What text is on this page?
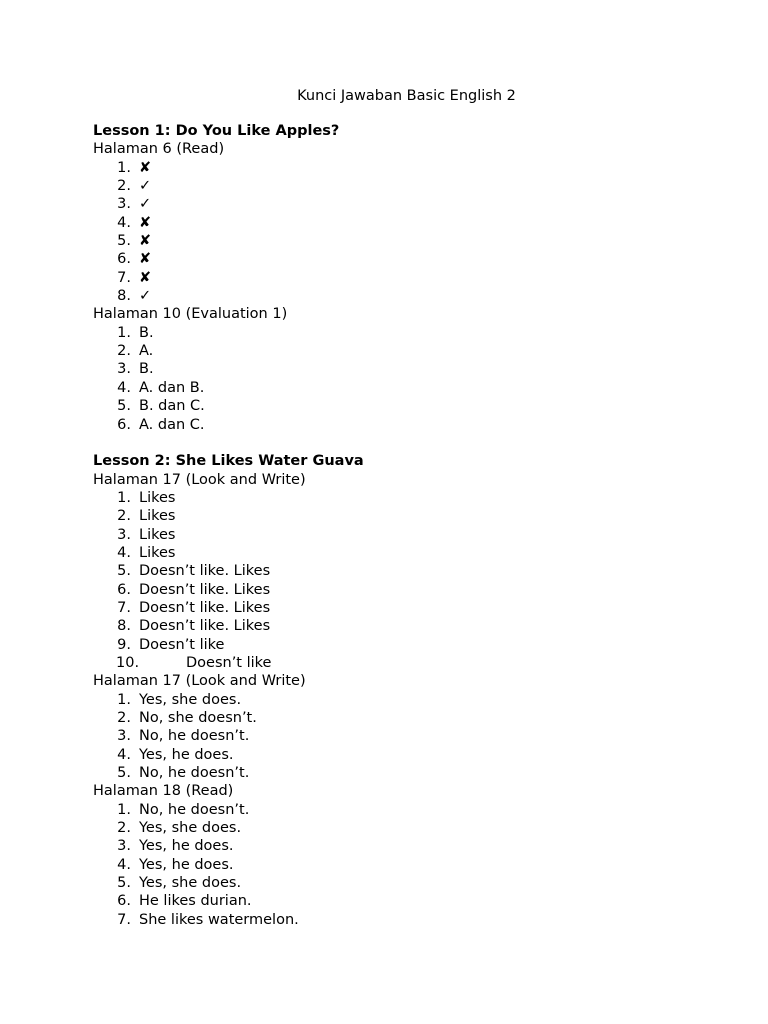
Kunci Jawaban Basic English 2
Lesson 1: Do You Like Apples?
Halaman 6 (Read)
1. ✘
2. ✓
3. ✓
4. ✘
5. ✘
6. ✘
7. ✘
8. ✓
Halaman 10 (Evaluation 1)
1. B.
2. A.
3. B.
4. A. dan B.
5. B. dan C.
6. A. dan C.
Lesson 2: She Likes Water Guava
Halaman 17 (Look and Write)
1. Likes
2. Likes
3. Likes
4. Likes
5. Doesn’t like. Likes
6. Doesn’t like. Likes
7. Doesn’t like. Likes
8. Doesn’t like. Likes
9. Doesn’t like
10.	Doesn’t like
Halaman 17 (Look and Write)
1. Yes, she does.
2. No, she doesn’t.
3. No, he doesn’t.
4. Yes, he does.
5. No, he doesn’t.
Halaman 18 (Read)
1. No, he doesn’t.
2. Yes, she does.
3. Yes, he does.
4. Yes, he does.
5. Yes, she does.
6. He likes durian.
7. She likes watermelon.
